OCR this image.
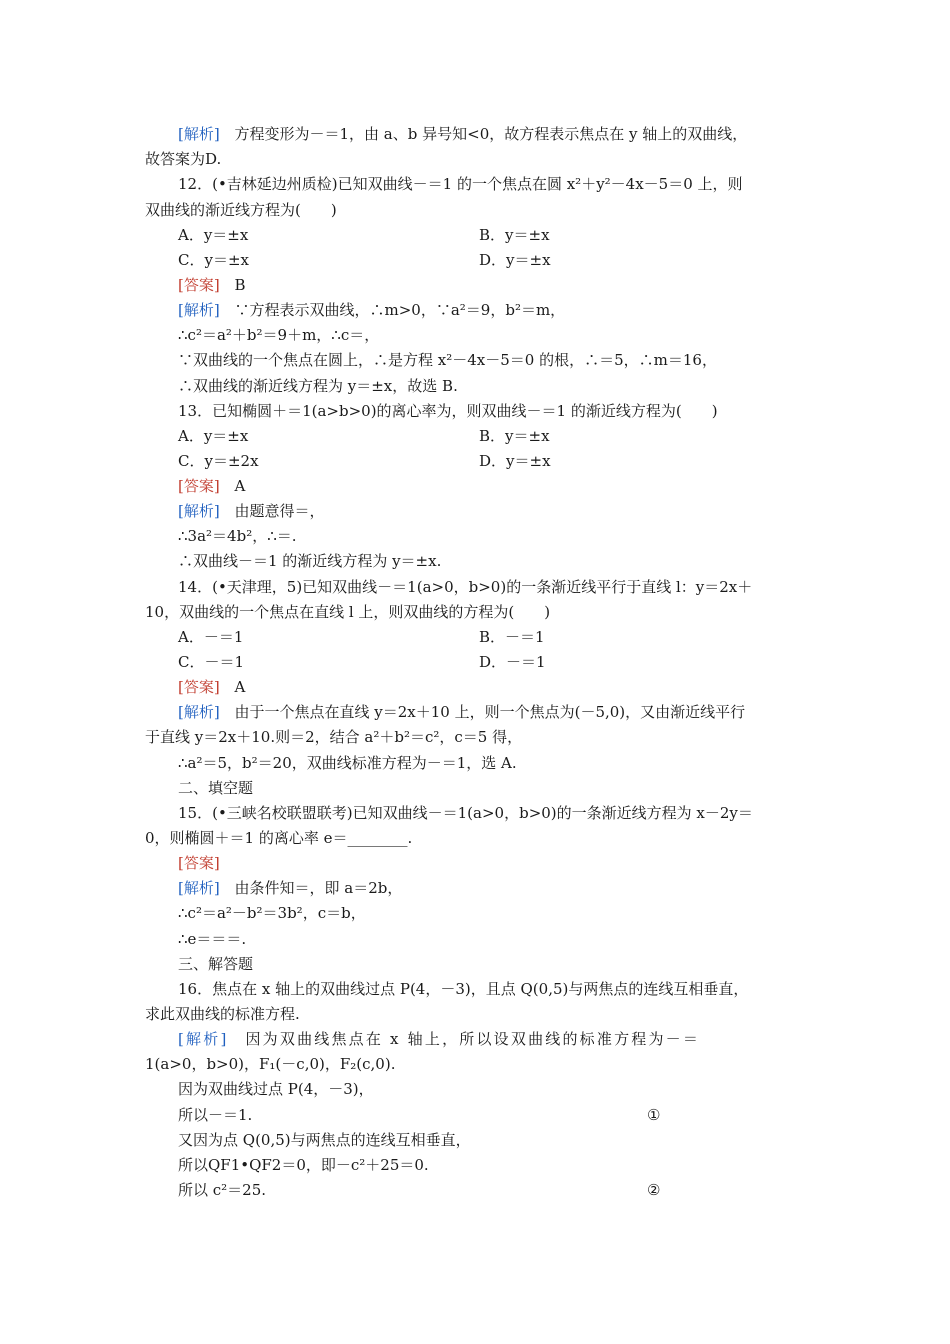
[解析] 方程变形为－＝1，由 a、b 异号知<0，故方程表示焦点在 y 轴上的双曲线，
故答案为D.
12．(•吉林延边州质检)已知双曲线－＝1 的一个焦点在圆 x²＋y²－4x－5＝0 上，则
双曲线的渐近线方程为(　　)
A．y＝±x	B．y＝±x
C．y＝±x	D．y＝±x
[答案] B
[解析] ∵方程表示双曲线，∴m>0，∵a²＝9，b²＝m，
∴c²＝a²＋b²＝9＋m，∴c＝，
∵双曲线的一个焦点在圆上，∴是方程 x²－4x－5＝0 的根，∴＝5，∴m＝16，
∴双曲线的渐近线方程为 y＝±x，故选 B.
13．已知椭圆＋＝1(a>b>0)的离心率为，则双曲线－＝1 的渐近线方程为(　　)
A．y＝±x	B．y＝±x
C．y＝±2x	D．y＝±x
[答案] A
[解析] 由题意得＝，
∴3a²＝4b²，∴＝.
∴双曲线－＝1 的渐近线方程为 y＝±x.
14．(•天津理，5)已知双曲线－＝1(a>0，b>0)的一条渐近线平行于直线 l：y＝2x＋
10，双曲线的一个焦点在直线 l 上，则双曲线的方程为(　　)
A．－＝1	B．－＝1
C．－＝1	D．－＝1
[答案] A
[解析] 由于一个焦点在直线 y＝2x＋10 上，则一个焦点为(－5,0)，又由渐近线平行
于直线 y＝2x＋10.则＝2，结合 a²＋b²＝c²，c＝5 得，
∴a²＝5，b²＝20，双曲线标准方程为－＝1，选 A.
二、填空题
15．(•三峡名校联盟联考)已知双曲线－＝1(a>0，b>0)的一条渐近线方程为 x－2y＝
0，则椭圆＋＝1 的离心率 e＝________.
[答案]
[解析] 由条件知＝，即 a＝2b，
∴c²＝a²－b²＝3b²，c＝b，
∴e＝＝＝.
三、解答题
16．焦点在 x 轴上的双曲线过点 P(4，－3)，且点 Q(0,5)与两焦点的连线互相垂直，
求此双曲线的标准方程.
[解析] 因为双曲线焦点在 x 轴上，所以设双曲线的标准方程为－＝
1(a>0，b>0)，F₁(－c,0)，F₂(c,0).
因为双曲线过点 P(4，－3)，
所以－＝1.	①
又因为点 Q(0,5)与两焦点的连线互相垂直，
所以QF1•QF2＝0，即－c²＋25＝0.
所以 c²＝25.	②
